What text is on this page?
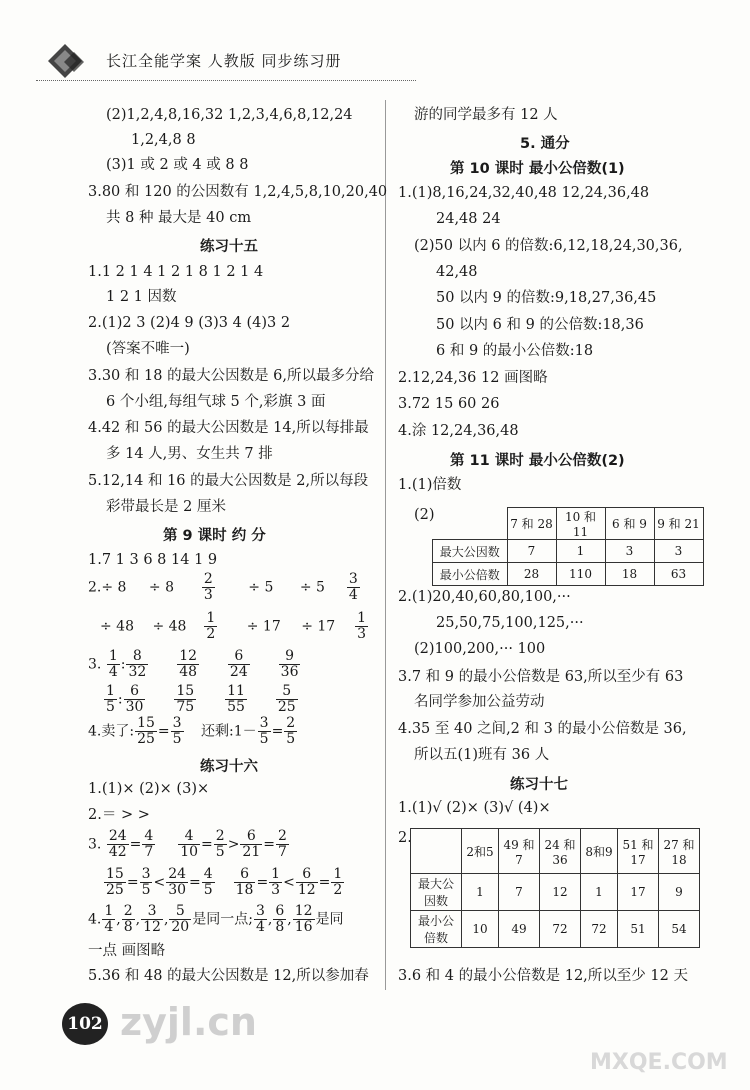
长江全能学案 人教版 同步练习册
(2)1,2,4,8,16,32 1,2,3,4,6,8,12,24
1,2,4,8 8
(3)1 或 2 或 4 或 8 8
3.80 和 120 的公因数有 1,2,4,5,8,10,20,40
共 8 种 最大是 40 cm
练习十五
1.1 2 1 4 1 2 1 8 1 2 1 4
1 2 1 因数
2.(1)2 3 (2)4 9 (3)3 4 (4)3 2
(答案不唯一)
3.30 和 18 的最大公因数是 6,所以最多分给
6 个小组,每组气球 5 个,彩旗 3 面
4.42 和 56 的最大公因数是 14,所以每排最
多 14 人,男、女生共 7 排
5.12,14 和 16 的最大公因数是 2,所以每段
彩带最长是 2 厘米
第 9 课时 约 分
1.7 1 3 6 8 14 1 9
$2.\div 8 \div 8 \frac{2}{3} \div 5 \div 5 \frac{3}{4}$
÷ $48 \div 48 \frac{1}{2} \div 17 \div 17 \frac{1}{3}$
3. $\frac{1}{4}$ : $\frac{8}{32}$
$\frac{12}{48}$
$\frac{6}{24}$
$\frac{9}{36}$
$\frac{1}{5}$ : $\frac{6}{30}$
$\frac{15}{75}$
$\frac{11}{55}$
$\frac{5}{25}$
4.卖了: $\frac{15}{25} = \frac{3}{5}$ 还剩:1－ $\frac{3}{5} = \frac{2}{5}$
练习十六
1.(1)× (2)× (3)×
2.＝ > >
3. $\frac{24}{42} = \frac{4}{7}$
$\frac{4}{10} = \frac{2}{5} > \frac{6}{21} = \frac{2}{7}$
$\frac{15}{25} = \frac{3}{5} < \frac{24}{30} = \frac{4}{5}$
$\frac{6}{18} = \frac{1}{3} < \frac{6}{12} = \frac{1}{2}$
4. $\frac{1}{4}$ , $\frac{2}{8}$ , $\frac{3}{12}$ , $\frac{5}{20}$ 是同一点; $\frac{3}{4}$ , $\frac{6}{8}$ , $\frac{12}{16}$ 是同
一点 画图略
5.36 和 48 的最大公因数是 12,所以参加春
游的同学最多有 12 人
5. 通分
第 10 课时 最小公倍数(1)
1.(1)8,16,24,32,40,48 12,24,36,48
24,48 24
(2)50 以内 6 的倍数:6,12,18,24,30,36,
42,48
50 以内 9 的倍数:9,18,27,36,45
50 以内 6 和 9 的公倍数:18,36
6 和 9 的最小公倍数:18
2.12,24,36 12 画图略
3.72 15 60 26
4.涂 12,24,36,48
第 11 课时 最小公倍数(2)
1.(1)倍数
(2)
	7 和 28	10 和 11	6 和 9	9 和 21
最大公因数	7	1	3	3
最小公倍数	28	110	18	63
2.(1)20,40,60,80,100,···
25,50,75,100,125,···
(2)100,200,··· 100
3.7 和 9 的最小公倍数是 63,所以至少有 63
名同学参加公益劳动
4.35 至 40 之间,2 和 3 的最小公倍数是 36,
所以五(1)班有 36 人
练习十七
1.(1)√ (2)× (3)√ (4)×
2.
	2和5	49 和 7	24 和 36	8和9	51 和 17	27 和 18
最大公因数	1	7	12	1	17	9
最小公倍数	10	49	72	72	51	54
3.6 和 4 的最小公倍数是 12,所以至少 12 天
zyjl.cn
MXQE.COM
102
